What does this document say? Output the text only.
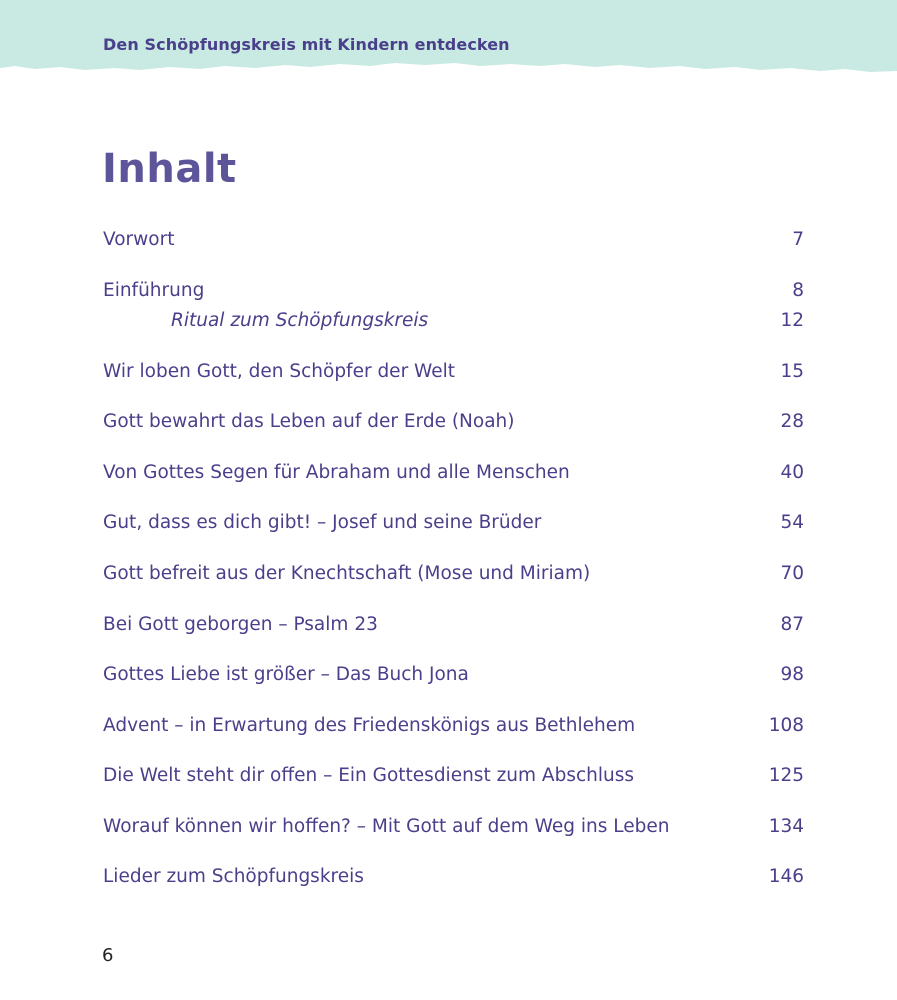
Den Schöpfungskreis mit Kindern entdecken
Inhalt
Vorwort	7
Einführung	8
Ritual zum Schöpfungskreis	12
Wir loben Gott, den Schöpfer der Welt	15
Gott bewahrt das Leben auf der Erde (Noah)	28
Von Gottes Segen für Abraham und alle Menschen	40
Gut, dass es dich gibt! – Josef und seine Brüder	54
Gott befreit aus der Knechtschaft (Mose und Miriam)	70
Bei Gott geborgen – Psalm 23	87
Gottes Liebe ist größer – Das Buch Jona	98
Advent – in Erwartung des Friedenskönigs aus Bethlehem	108
Die Welt steht dir offen – Ein Gottesdienst zum Abschluss	125
Worauf können wir hoffen? – Mit Gott auf dem Weg ins Leben	134
Lieder zum Schöpfungskreis	146
6
